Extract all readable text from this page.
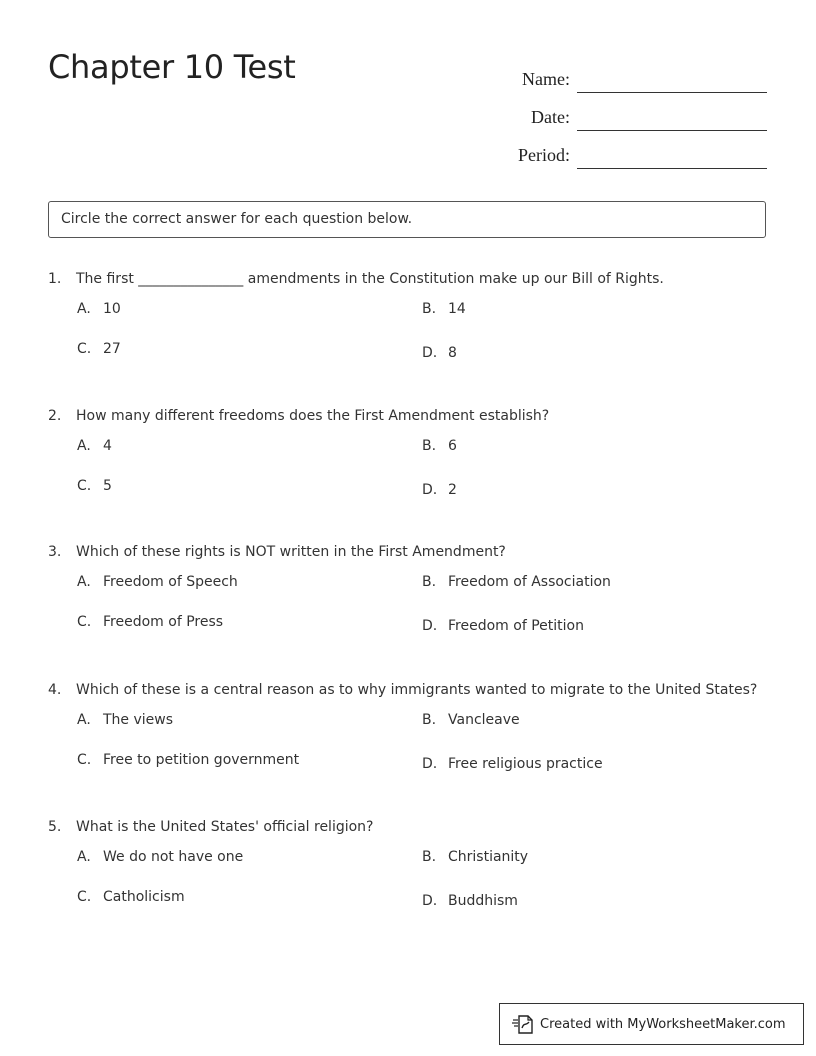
Chapter 10 Test	Name:
Date:
Period:
Circle the correct answer for each question below.
1. The first _______________ amendments in the Constitution make up our Bill of Rights.
A. 10	B. 14
C. 27	D. 8
2. How many different freedoms does the First Amendment establish?
A. 4	B. 6
C. 5	D. 2
3. Which of these rights is NOT written in the First Amendment?
A. Freedom of Speech	B. Freedom of Association
C. Freedom of Press	D. Freedom of Petition
4. Which of these is a central reason as to why immigrants wanted to migrate to the United States?
A. The views	B. Vancleave
C. Free to petition government	D. Free religious practice
5. What is the United States' official religion?
A. We do not have one	B. Christianity
C. Catholicism	D. Buddhism
Created with MyWorksheetMaker.com
